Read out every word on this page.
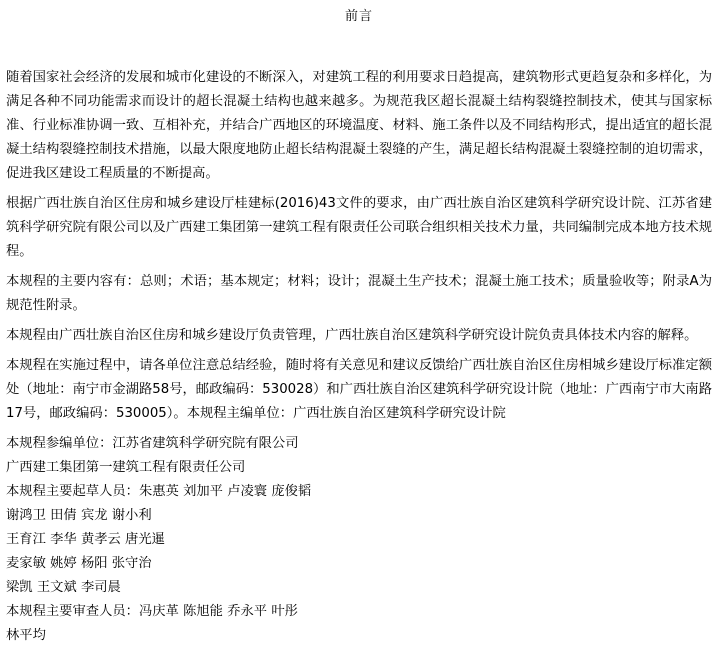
前言

随着国家社会经济的发展和城市化建设的不断深入，对建筑工程的利用要求日趋提高，建筑物形式更趋复杂和多样化，为满足各种不同功能需求而设计的超长混凝土结构也越来越多。为规范我区超长混凝土结构裂缝控制技术，使其与国家标准、行业标准协调一致、互相补充，并结合广西地区的环境温度、材料、施工条件以及不同结构形式，提出适宜的超长混凝土结构裂缝控制技术措施，以最大限度地防止超长结构混凝土裂缝的产生，满足超长结构混凝土裂缝控制的迫切需求，促进我区建设工程质量的不断提高。

根据广西壮族自治区住房和城乡建设厅桂建标(2016)43文件的要求，由广西壮族自治区建筑科学研究设计院、江苏省建筑科学研究院有限公司以及广西建工集团第一建筑工程有限责任公司联合组织相关技术力量，共同编制完成本地方技术规程。

本规程的主要内容有：总则；术语；基本规定；材料；设计；混凝土生产技术；混凝土施工技术；质量验收等；附录A为规范性附录。

本规程由广西壮族自治区住房和城乡建设厅负责管理，广西壮族自治区建筑科学研究设计院负责具体技术内容的解释。

本规程在实施过程中，请各单位注意总结经验，随时将有关意见和建议反馈给广西壮族自治区住房相城乡建设厅标准定额处（地址：南宁市金湖路58号，邮政编码：530028）和广西壮族自治区建筑科学研究设计院（地址：广西南宁市大南路17号，邮政编码：530005）。本规程主编单位：广西壮族自治区建筑科学研究设计院

本规程参编单位：江苏省建筑科学研究院有限公司

广西建工集团第一建筑工程有限责任公司

本规程主要起草人员：朱惠英 刘加平 卢凌寰 庞俊韬

谢鸿卫 田倩 宾龙 谢小利

王育江 李华 黄孝云 唐光暹

麦家敏 姚婷 杨阳 张守治

梁凯 王文斌 李司晨

本规程主要审查人员：冯庆革 陈旭能 乔永平 叶彤

林平均
